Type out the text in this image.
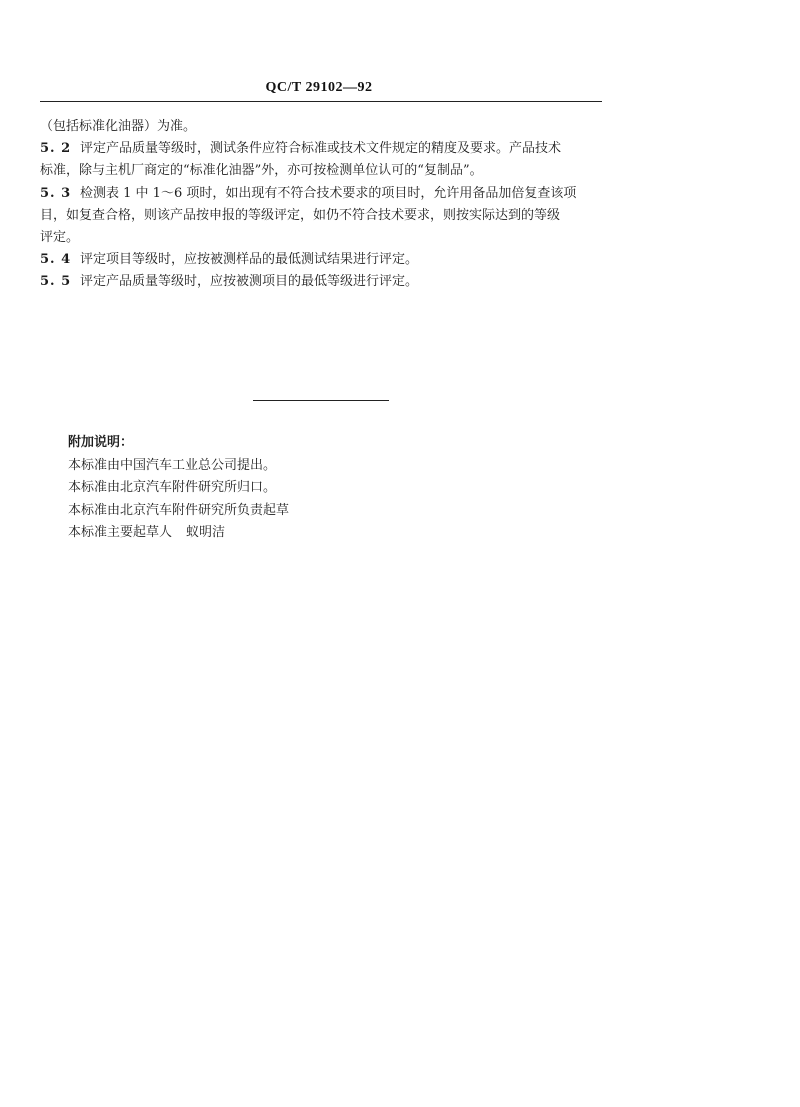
QC/T 29102—92
（包括标准化油器）为准。
5. 2 评定产品质量等级时，测试条件应符合标准或技术文件规定的精度及要求。产品技术
标准，除与主机厂商定的“标准化油器”外，亦可按检测单位认可的“复制品”。
5. 3 检测表 1 中 1～6 项时，如出现有不符合技术要求的项目时，允许用备品加倍复查该项
目，如复查合格，则该产品按申报的等级评定，如仍不符合技术要求，则按实际达到的等级
评定。
5. 4 评定项目等级时，应按被测样品的最低测试结果进行评定。
5. 5 评定产品质量等级时，应按被测项目的最低等级进行评定。
附加说明：
本标准由中国汽车工业总公司提出。
本标准由北京汽车附件研究所归口。
本标准由北京汽车附件研究所负责起草
本标准主要起草人 蚁明洁
